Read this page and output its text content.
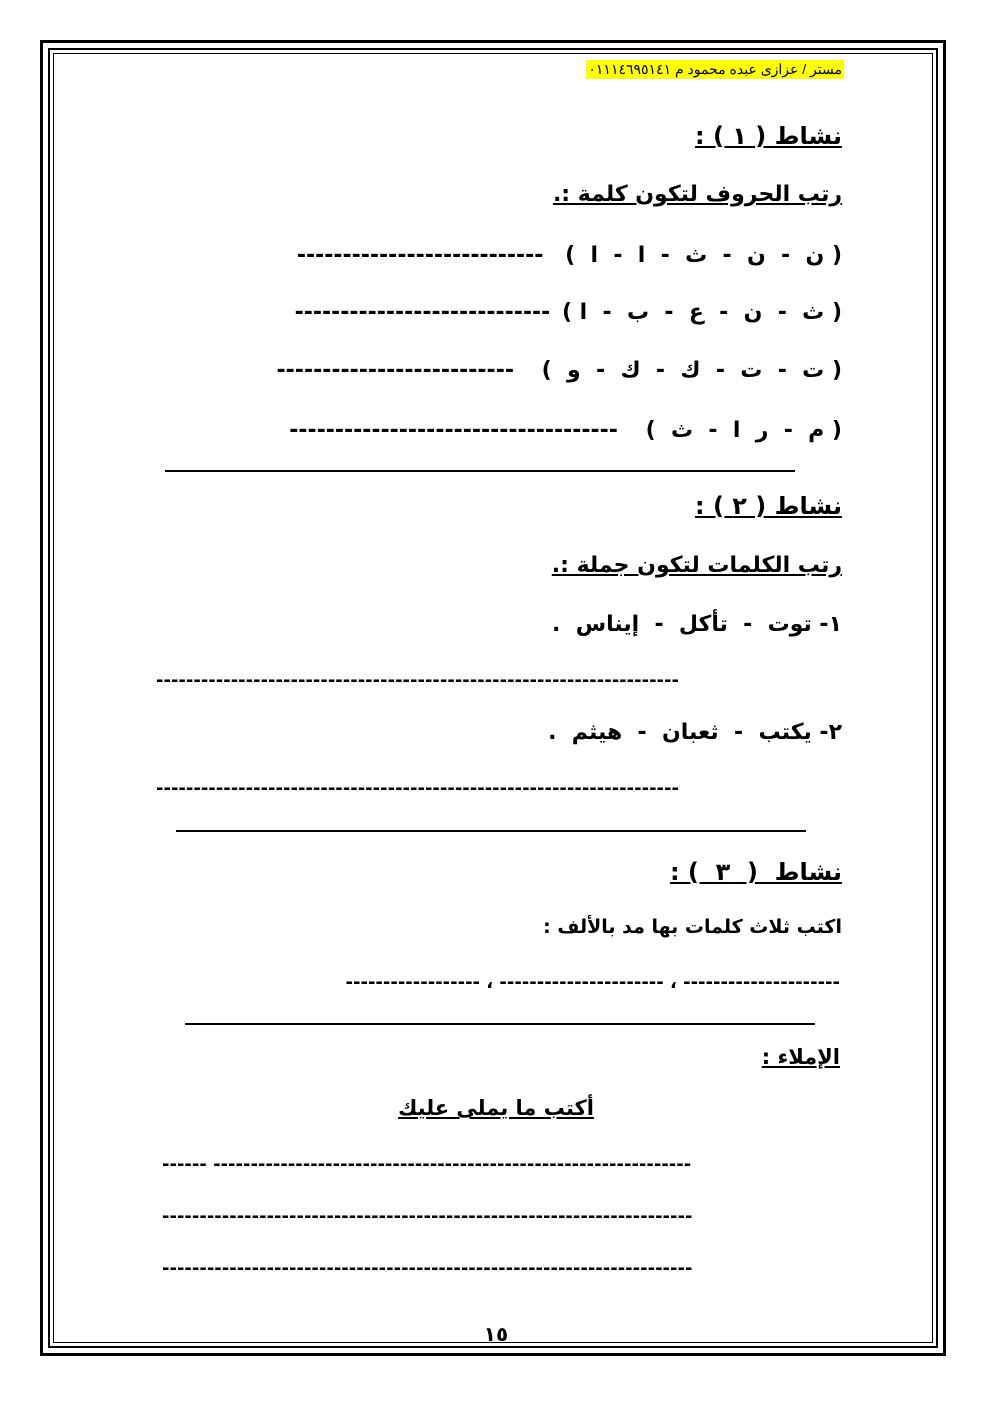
مستر / عزازى عبده محمود م ٠١١١٤٦٩٥١٤١
نشاط ( ١ ) :
رتب الحروف لتكون كلمة :.
( ن  -  ن  -  ث  -  ا  -  ا  ) ---------------------------
( ث  -  ن  -  ع  -  ب  -  ا ) ----------------------------
( ت  -  ت  -  ك  -  ك  -  و  ) --------------------------
( م  -  ر  ا  -  ث  ) ------------------------------------
نشاط ( ٢ ) :
رتب الكلمات لتكون جملة :.
١- توت  -  تأكل  -  إيناس  .
----------------------------------------------------------------------
٢- يكتب  -  ثعبان  -  هيثم  .
----------------------------------------------------------------------
نشاط  (  ٣  ) :
اكتب ثلاث كلمات بها مد بالألف :
------------------ ، ---------------------- ، ---------------------
الإملاء :
أكتب ما يملى عليك
------ ----------------------------------------------------------------
-----------------------------------------------------------------------
-----------------------------------------------------------------------
١٥
